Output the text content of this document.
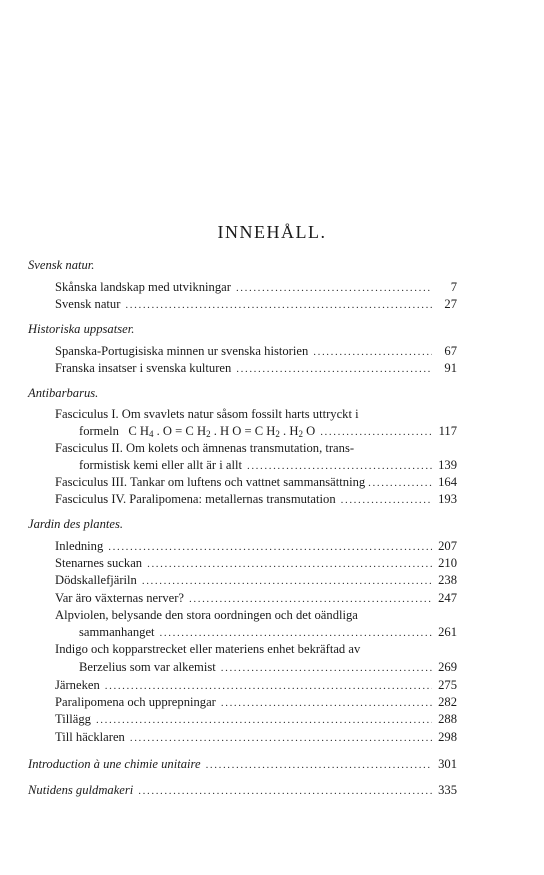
INNEHÅLL.
Svensk natur.
Skånska landskap med utvikningar .....	7
Svensk natur .....	27
Historiska uppsatser.
Spanska-Portugisiska minnen ur svenska historien .....	67
Franska insatser i svenska kulturen .....	91
Antibarbarus.
Fasciculus I. Om svavlets natur såsom fossilt harts uttryckt i
formeln   C $H_4$ . O = C $H_2$ . H O = C $H_2$ . $H_2$ O .....	117
Fasciculus II. Om kolets och ämnenas transmutation, trans-
formistisk kemi eller allt är i allt .....	139
Fasciculus III. Tankar om luftens och vattnet sammansättning .....	164
Fasciculus IV. Paralipomena: metallernas transmutation .....	193
Jardin des plantes.
Inledning .....	207
Stenarnes suckan .....	210
Dödskallefjäriln .....	238
Var äro växternas nerver? .....	247
Alpviolen, belysande den stora oordningen och det oändliga
sammanhanget .....	261
Indigo och kopparstrecket eller materiens enhet bekräftad av
Berzelius som var alkemist .....	269
Järneken .....	275
Paralipomena och upprepningar .....	282
Tillägg .....	288
Till häcklaren .....	298
Introduction à une chimie unitaire .....	301
Nutidens guldmakeri .....	335
